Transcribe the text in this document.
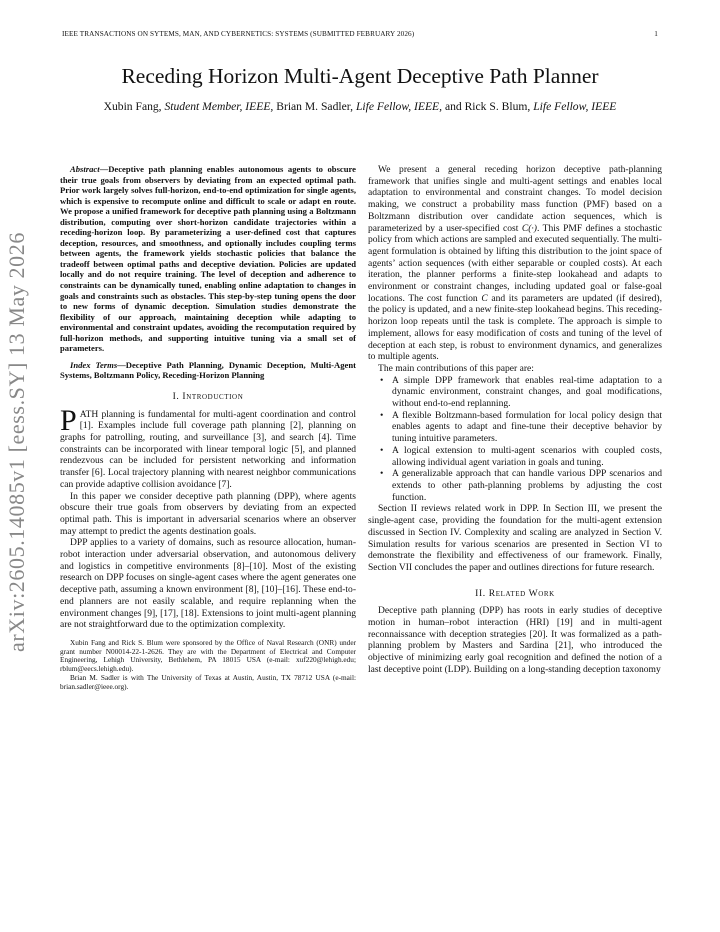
IEEE TRANSACTIONS ON SYTEMS, MAN, AND CYBERNETICS: SYSTEMS (SUBMITTED FEBRUARY 2026)	1
Receding Horizon Multi-Agent Deceptive Path Planner
Xubin Fang, Student Member, IEEE, Brian M. Sadler, Life Fellow, IEEE, and Rick S. Blum, Life Fellow, IEEE
arXiv:2605.14085v1 [eess.SY] 13 May 2026

Abstract—Deceptive path planning enables autonomous agents to obscure their true goals from observers by deviating from an expected optimal path. Prior work largely solves full-horizon, end-to-end optimization for single agents, which is expensive to recompute online and difficult to scale or adapt en route. We propose a unified framework for deceptive path planning using a Boltzmann distribution, computing over short-horizon candidate trajectories within a receding-horizon loop. By parameterizing a user-defined cost that captures deception, resources, and smoothness, and optionally includes coupling terms between agents, the framework yields stochastic policies that balance the tradeoff between optimal paths and deceptive deviation. Policies are updated locally and do not require training. The level of deception and adherence to constraints can be dynamically tuned, enabling online adaptation to changes in goals and constraints such as obstacles. This step-by-step tuning opens the door to new forms of dynamic deception. Simulation studies demonstrate the flexibility of our approach, maintaining deception while adapting to environmental and constraint updates, avoiding the recomputation required by full-horizon methods, and supporting intuitive tuning via a small set of parameters.

Index Terms—Deceptive Path Planning, Dynamic Deception, Multi-Agent Systems, Boltzmann Policy, Receding-Horizon Planning

I. Introduction

PATH planning is fundamental for multi-agent coordination and control [1]. Examples include full coverage path planning [2], planning on graphs for patrolling, routing, and surveillance [3], and search [4]. Time constraints can be incorporated with linear temporal logic [5], and planned rendezvous can be included for persistent networking and information transfer [6]. Local trajectory planning with nearest neighbor communications can provide adaptive collision avoidance [7].

In this paper we consider deceptive path planning (DPP), where agents obscure their true goals from observers by deviating from an expected optimal path. This is important in adversarial scenarios where an observer may attempt to predict the agents destination goals.

DPP applies to a variety of domains, such as resource allocation, human-robot interaction under adversarial observation, and autonomous delivery and logistics in competitive environments [8]–[10]. Most of the existing research on DPP focuses on single-agent cases where the agent generates one deceptive path, assuming a known environment [8], [10]–[16]. These end-to-end planners are not easily scalable, and require replanning when the environment changes [9], [17], [18]. Extensions to joint multi-agent planning are not straightforward due to the optimization complexity.

Xubin Fang and Rick S. Blum were sponsored by the Office of Naval Research (ONR) under grant number N00014-22-1-2626. They are with the Department of Electrical and Computer Engineering, Lehigh University, Bethlehem, PA 18015 USA (e-mail: xuf220@lehigh.edu; rblum@eecs.lehigh.edu).

Brian M. Sadler is with The University of Texas at Austin, Austin, TX 78712 USA (e-mail: brian.sadler@ieee.org).

We present a general receding horizon deceptive path-planning framework that unifies single and multi-agent settings and enables local adaptation to environmental and constraint changes. To model decision making, we construct a probability mass function (PMF) based on a Boltzmann distribution over candidate action sequences, which is parameterized by a user-specified cost C(·). This PMF defines a stochastic policy from which actions are sampled and executed sequentially. The multi-agent formulation is obtained by lifting this distribution to the joint space of agents’ action sequences (with either separable or coupled costs). At each iteration, the planner performs a finite-step lookahead and adapts to environment or constraint changes, including updated goal or false-goal locations. The cost function C and its parameters are updated (if desired), the policy is updated, and a new finite-step lookahead begins. This receding-horizon loop repeats until the task is complete. The approach is simple to implement, allows for easy modification of costs and tuning of the level of deception at each step, is robust to environment dynamics, and generalizes to multiple agents.

The main contributions of this paper are:

• A simple DPP framework that enables real-time adaptation to a dynamic environment, constraint changes, and goal modifications, without end-to-end replanning.
• A flexible Boltzmann-based formulation for local policy design that enables agents to adapt and fine-tune their deceptive behavior by tuning intuitive parameters.
• A logical extension to multi-agent scenarios with coupled costs, allowing individual agent variation in goals and tuning.
• A generalizable approach that can handle various DPP scenarios and extends to other path-planning problems by adjusting the cost function.

Section II reviews related work in DPP. In Section III, we present the single-agent case, providing the foundation for the multi-agent extension discussed in Section IV. Complexity and scaling are analyzed in Section V. Simulation results for various scenarios are presented in Section VI to demonstrate the flexibility and effectiveness of our framework. Finally, Section VII concludes the paper and outlines directions for future research.

II. Related Work

Deceptive path planning (DPP) has roots in early studies of deceptive motion in human–robot interaction (HRI) [19] and in multi-agent reconnaissance with deception strategies [20]. It was formalized as a path-planning problem by Masters and Sardina [21], who introduced the objective of minimizing early goal recognition and defined the notion of a last deceptive point (LDP). Building on a long-standing deception taxonomy
